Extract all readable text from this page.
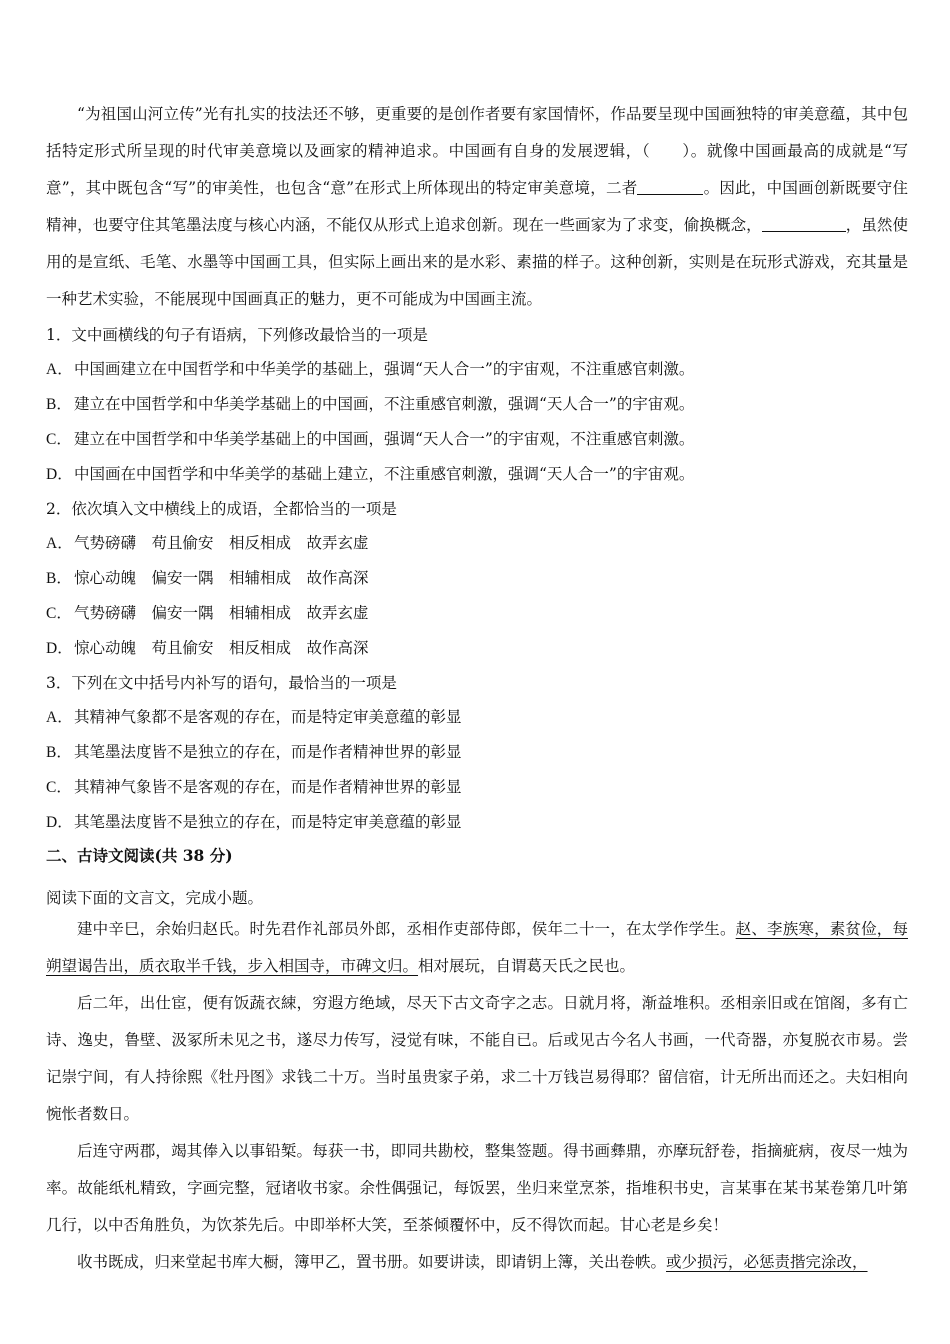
“为祖国山河立传”光有扎实的技法还不够，更重要的是创作者要有家国情怀，作品要呈现中国画独特的审美意蕴，其中包括特定形式所呈现的时代审美意境以及画家的精神追求。中国画有自身的发展逻辑，（　　）。就像中国画最高的成就是“写意”，其中既包含“写”的审美性，也包含“意”在形式上所体现出的特定审美意境，二者	。因此，中国画创新既要守住精神，也要守住其笔墨法度与核心内涵，不能仅从形式上追求创新。现在一些画家为了求变，偷换概念，	，虽然使用的是宣纸、毛笔、水墨等中国画工具，但实际上画出来的是水彩、素描的样子。这种创新，实则是在玩形式游戏，充其量是一种艺术实验，不能展现中国画真正的魅力，更不可能成为中国画主流。

1．文中画横线的句子有语病，下列修改最恰当的一项是

A．中国画建立在中国哲学和中华美学的基础上，强调“天人合一”的宇宙观，不注重感官刺激。

B． 建立在中国哲学和中华美学基础上的中国画，不注重感官刺激，强调“天人合一”的宇宙观。

C． 建立在中国哲学和中华美学基础上的中国画，强调“天人合一”的宇宙观，不注重感官刺激。

D．中国画在中国哲学和中华美学的基础上建立，不注重感官刺激，强调“天人合一”的宇宙观。

2．依次填入文中横线上的成语，全都恰当的一项是

A．气势磅礴　苟且偷安　相反相成　故弄玄虚

B． 惊心动魄　偏安一隅　相辅相成　故作高深

C． 气势磅礴　偏安一隅　相辅相成　故弄玄虚

D．惊心动魄　苟且偷安　相反相成　故作高深

3．下列在文中括号内补写的语句，最恰当的一项是

A．其精神气象都不是客观的存在，而是特定审美意蕴的彰显

B． 其笔墨法度皆不是独立的存在，而是作者精神世界的彰显

C． 其精神气象皆不是客观的存在，而是作者精神世界的彰显

D．其笔墨法度皆不是独立的存在，而是特定审美意蕴的彰显

二、古诗文阅读(共 38 分)

阅读下面的文言文，完成小题。

建中辛巳，余始归赵氏。时先君作礼部员外郎，丞相作吏部侍郎，侯年二十一，在太学作学生。赵、李族寒，素贫俭，每朔望谒告出，质衣取半千钱，步入相国寺，市碑文归。相对展玩，自谓葛天氏之民也。

后二年，出仕宦，便有饭蔬衣綀，穷遐方绝域，尽天下古文奇字之志。日就月将，渐益堆积。丞相亲旧或在馆阁，多有亡诗、逸史，鲁壁、汲冢所未见之书，遂尽力传写，浸觉有味，不能自已。后或见古今名人书画，一代奇器，亦复脱衣市易。尝记崇宁间，有人持徐熙《牡丹图》求钱二十万。当时虽贵家子弟，求二十万钱岂易得耶？留信宿，计无所出而还之。夫妇相向惋怅者数日。

后连守两郡，竭其俸入以事铅椠。每获一书，即同共勘校，整集签题。得书画彝鼎，亦摩玩舒卷，指摘疵病，夜尽一烛为率。故能纸札精致，字画完整，冠诸收书家。余性偶强记，每饭罢，坐归来堂烹茶，指堆积书史，言某事在某书某卷第几叶第几行，以中否角胜负，为饮茶先后。中即举杯大笑，至茶倾覆怀中，反不得饮而起。甘心老是乡矣！

收书既成，归来堂起书库大橱，簿甲乙，置书册。如要讲读，即请钥上簿，关出卷帙。或少损污，必惩责揩完涂改，
